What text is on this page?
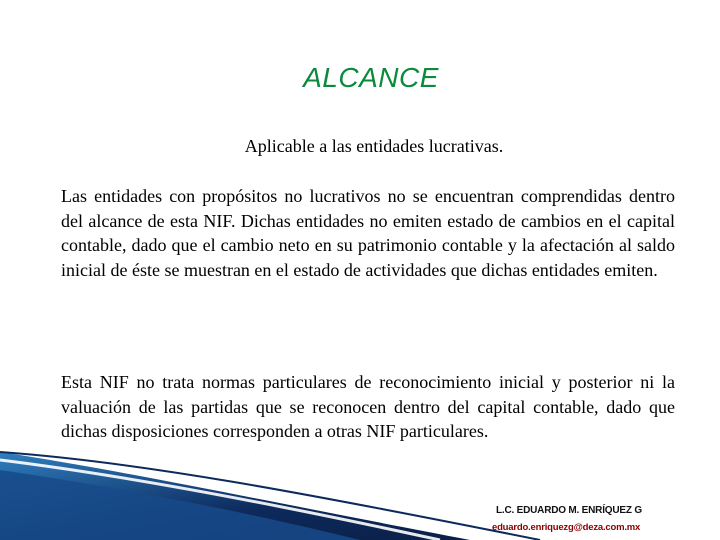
ALCANCE
Aplicable a las entidades lucrativas.
Las entidades con propósitos no lucrativos no se encuentran comprendidas dentro del alcance de esta NIF. Dichas entidades no emiten estado de cambios en el capital contable, dado que el cambio neto en su patrimonio contable y la afectación al saldo inicial de éste se muestran en el estado de actividades que dichas entidades emiten.
Esta NIF no trata normas particulares de reconocimiento inicial y posterior ni la valuación de las partidas que se reconocen dentro del capital contable, dado que dichas disposiciones corresponden a otras NIF particulares.
L.C. EDUARDO M. ENRÍQUEZ G
eduardo.enriquezg@deza.com.mx
